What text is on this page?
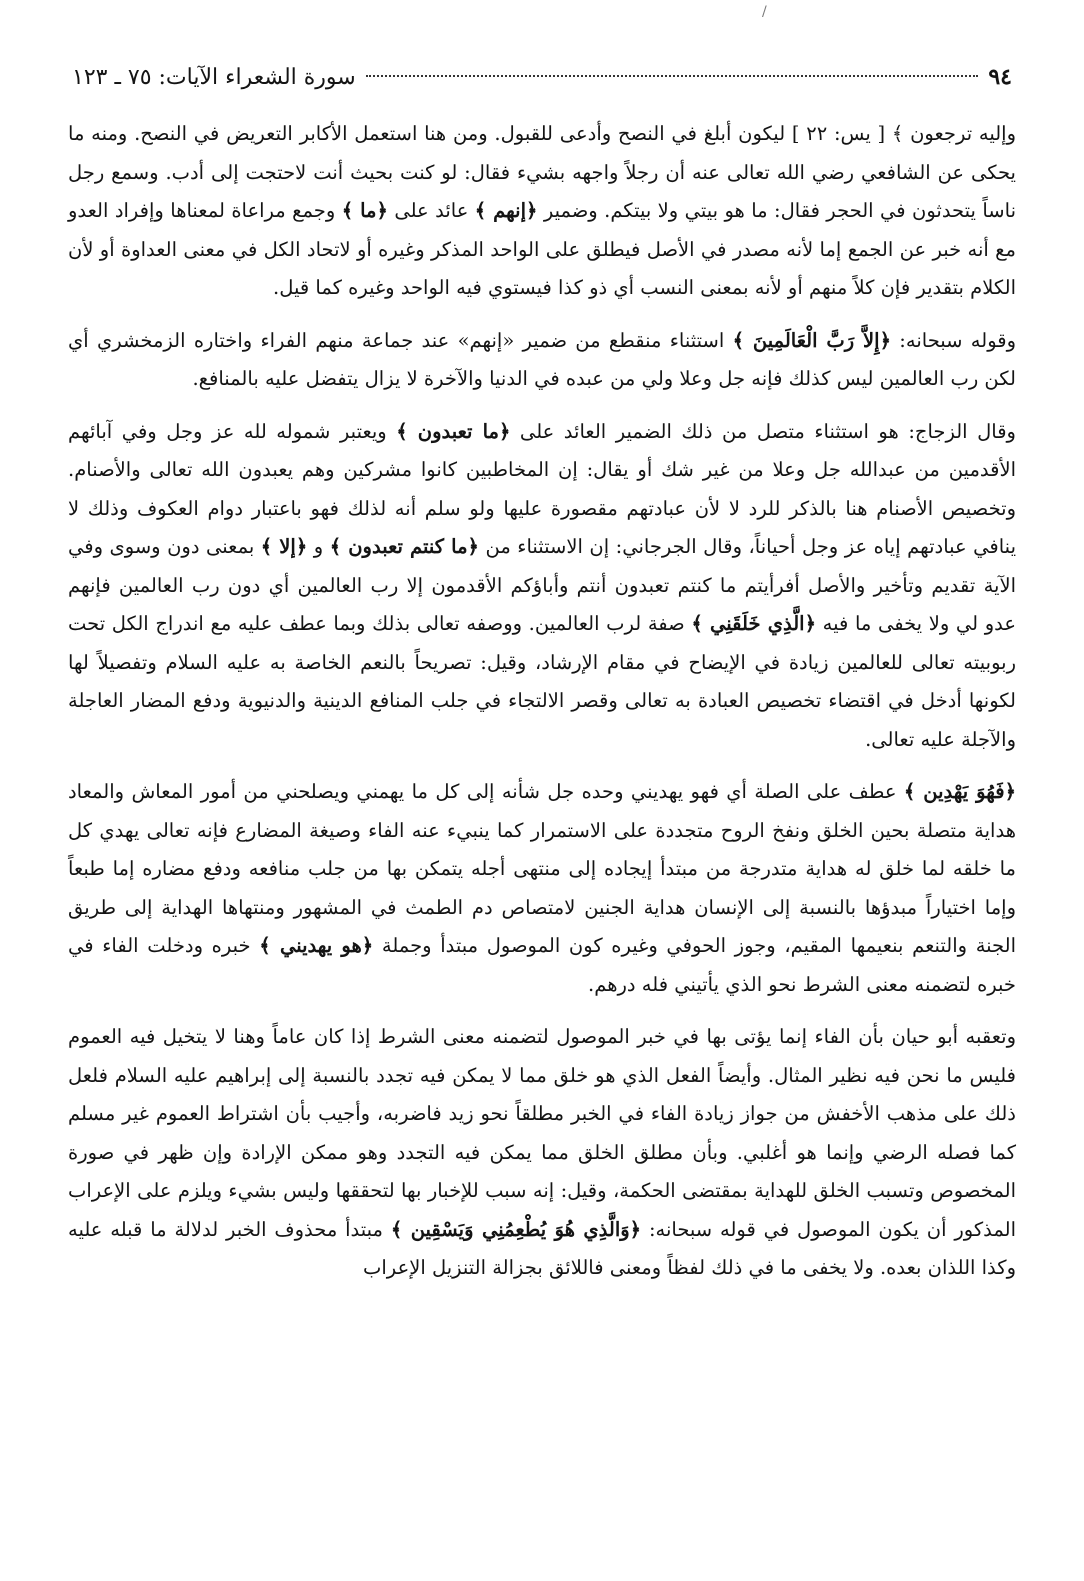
/
٩٤
سورة الشعراء الآيات: ٧٥ ـ ١٢٣

وإليه ترجعون ﴾ [ يس: ٢٢ ] ليكون أبلغ في النصح وأدعى للقبول. ومن هنا استعمل الأكابر التعريض في النصح. ومنه ما يحكى عن الشافعي رضي الله تعالى عنه أن رجلاً واجهه بشيء فقال: لو كنت بحيث أنت لاحتجت إلى أدب. وسمع رجل ناساً يتحدثون في الحجر فقال: ما هو بيتي ولا بيتكم. وضمير ﴿إنهم ﴾ عائد على ﴿ما ﴾ وجمع مراعاة لمعناها وإفراد العدو مع أنه خبر عن الجمع إما لأنه مصدر في الأصل فيطلق على الواحد المذكر وغيره أو لاتحاد الكل في معنى العداوة أو لأن الكلام بتقدير فإن كلاً منهم أو لأنه بمعنى النسب أي ذو كذا فيستوي فيه الواحد وغيره كما قيل.

وقوله سبحانه: ﴿إِلاَّ رَبَّ الْعَالَمِينَ ﴾ استثناء منقطع من ضمير «إنهم» عند جماعة منهم الفراء واختاره الزمخشري أي لكن رب العالمين ليس كذلك فإنه جل وعلا ولي من عبده في الدنيا والآخرة لا يزال يتفضل عليه بالمنافع.

وقال الزجاج: هو استثناء متصل من ذلك الضمير العائد على ﴿ما تعبدون ﴾ ويعتبر شموله لله عز وجل وفي آبائهم الأقدمين من عبدالله جل وعلا من غير شك أو يقال: إن المخاطبين كانوا مشركين وهم يعبدون الله تعالى والأصنام. وتخصيص الأصنام هنا بالذكر للرد لا لأن عبادتهم مقصورة عليها ولو سلم أنه لذلك فهو باعتبار دوام العكوف وذلك لا ينافي عبادتهم إياه عز وجل أحياناً، وقال الجرجاني: إن الاستثناء من ﴿ما كنتم تعبدون ﴾ و ﴿إلا ﴾ بمعنى دون وسوى وفي الآية تقديم وتأخير والأصل أفرأيتم ما كنتم تعبدون أنتم وأباؤكم الأقدمون إلا رب العالمين أي دون رب العالمين فإنهم عدو لي ولا يخفى ما فيه ﴿الَّذِي خَلَقَنِي ﴾ صفة لرب العالمين. ووصفه تعالى بذلك وبما عطف عليه مع اندراج الكل تحت ربوبيته تعالى للعالمين زيادة في الإيضاح في مقام الإرشاد، وقيل: تصريحاً بالنعم الخاصة به عليه السلام وتفصيلاً لها لكونها أدخل في اقتضاء تخصيص العبادة به تعالى وقصر الالتجاء في جلب المنافع الدينية والدنيوية ودفع المضار العاجلة والآجلة عليه تعالى.

﴿فَهُوَ يَهْدِين ﴾ عطف على الصلة أي فهو يهديني وحده جل شأنه إلى كل ما يهمني ويصلحني من أمور المعاش والمعاد هداية متصلة بحين الخلق ونفخ الروح متجددة على الاستمرار كما ينبيء عنه الفاء وصيغة المضارع فإنه تعالى يهدي كل ما خلقه لما خلق له هداية متدرجة من مبتدأ إيجاده إلى منتهى أجله يتمكن بها من جلب منافعه ودفع مضاره إما طبعاً وإما اختياراً مبدؤها بالنسبة إلى الإنسان هداية الجنين لامتصاص دم الطمث في المشهور ومنتهاها الهداية إلى طريق الجنة والتنعم بنعيمها المقيم، وجوز الحوفي وغيره كون الموصول مبتدأ وجملة ﴿هو يهديني ﴾ خبره ودخلت الفاء في خبره لتضمنه معنى الشرط نحو الذي يأتيني فله درهم.

وتعقبه أبو حيان بأن الفاء إنما يؤتى بها في خبر الموصول لتضمنه معنى الشرط إذا كان عاماً وهنا لا يتخيل فيه العموم فليس ما نحن فيه نظير المثال. وأيضاً الفعل الذي هو خلق مما لا يمكن فيه تجدد بالنسبة إلى إبراهيم عليه السلام فلعل ذلك على مذهب الأخفش من جواز زيادة الفاء في الخبر مطلقاً نحو زيد فاضربه، وأجيب بأن اشتراط العموم غير مسلم كما فصله الرضي وإنما هو أغلبي. وبأن مطلق الخلق مما يمكن فيه التجدد وهو ممكن الإرادة وإن ظهر في صورة المخصوص وتسبب الخلق للهداية بمقتضى الحكمة، وقيل: إنه سبب للإخبار بها لتحققها وليس بشيء ويلزم على الإعراب المذكور أن يكون الموصول في قوله سبحانه: ﴿وَالَّذِي هُوَ يُطْعِمُنِي وَيَسْقِين ﴾ مبتدأ محذوف الخبر لدلالة ما قبله عليه وكذا اللذان بعده. ولا يخفى ما في ذلك لفظاً ومعنى فاللائق بجزالة التنزيل الإعراب
